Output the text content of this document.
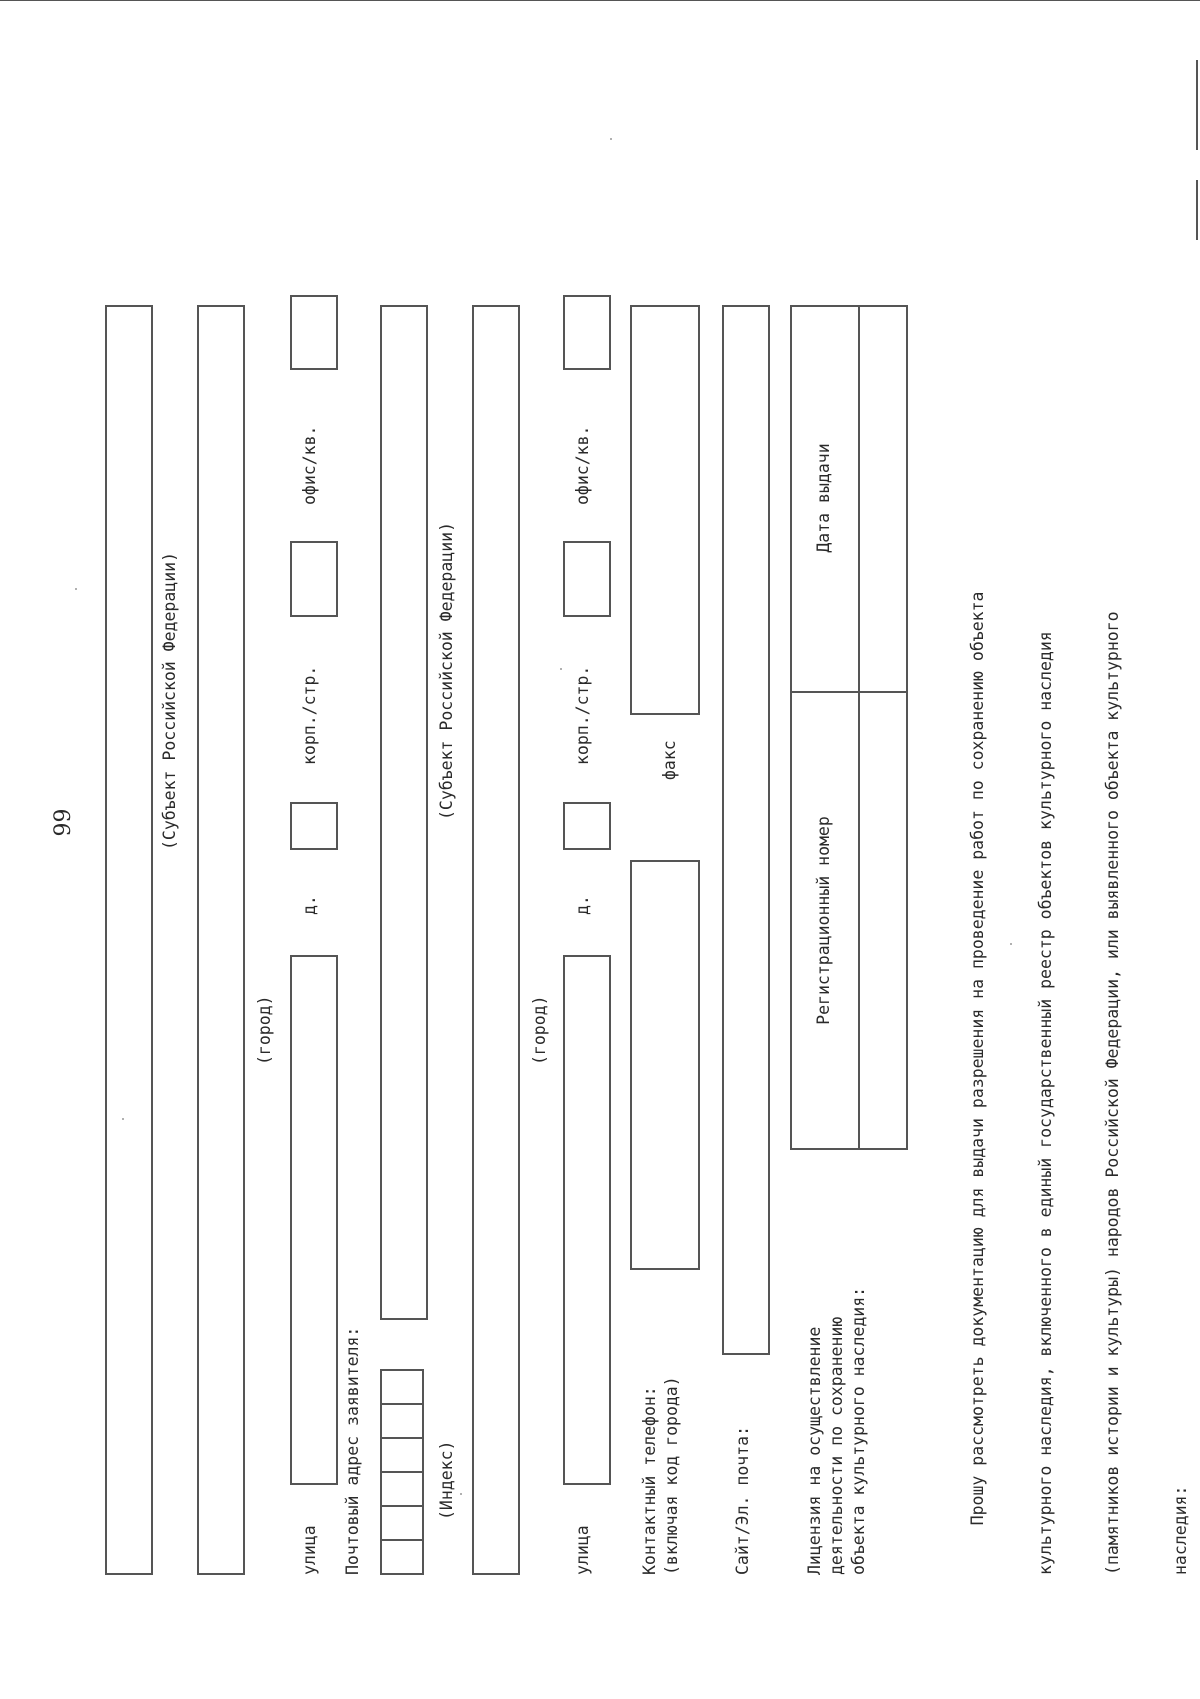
66	(Субъект Российской Федерации)
(город)
улица
д.
корп./стр.
офис/кв.
Почтовый адрес заявителя:	(Индекс)
(Субъект Российской Федерации)
(город)
улица
д.
корп./стр.
офис/кв.
Контактный телефон: (включая код города)
факс
Сайт/Эл. почта:	Лицензия на осуществление деятельности по сохранению объекта культурного наследия:
Регистрационный номер
Дата выдачи

Прошу рассмотреть документацию для выдачи разрешения на проведение работ по сохранению объекта

	культурного наследия, включенного в единый государственный реестр объектов культурного наследия

	(памятников истории и культуры) народов Российской Федерации, или выявленного объекта культурного

	наследия:
